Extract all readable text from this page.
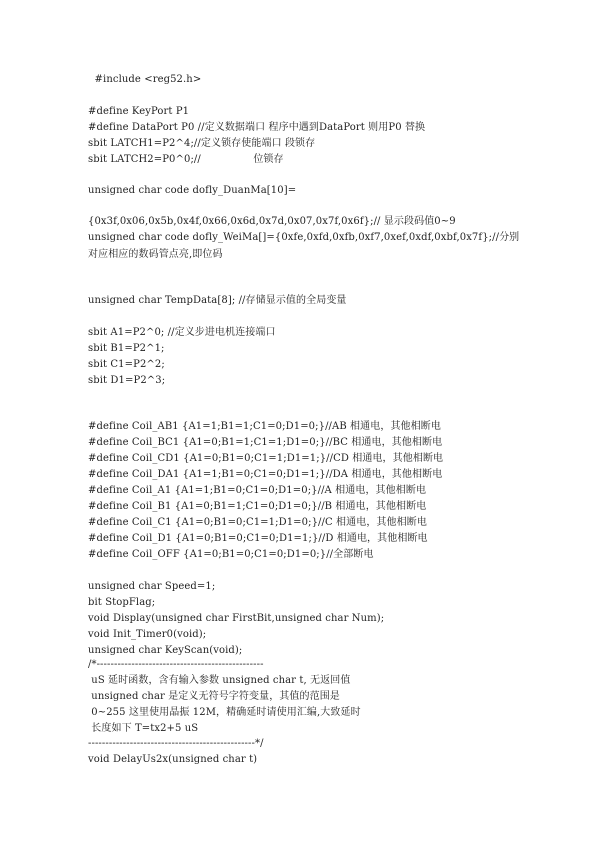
#include <reg52.h>
#define KeyPort P1
#define DataPort P0 //定义数据端口 程序中遇到DataPort 则用P0 替换
sbit LATCH1=P2^4;//定义锁存使能端口 段锁存
sbit LATCH2=P0^0;//                位锁存
unsigned char code dofly_DuanMa[10]=
{0x3f,0x06,0x5b,0x4f,0x66,0x6d,0x7d,0x07,0x7f,0x6f};// 显示段码值0~9
unsigned char code dofly_WeiMa[]={0xfe,0xfd,0xfb,0xf7,0xef,0xdf,0xbf,0x7f};//分别
对应相应的数码管点亮,即位码
unsigned char TempData[8]; //存储显示值的全局变量
sbit A1=P2^0; //定义步进电机连接端口
sbit B1=P2^1;
sbit C1=P2^2;
sbit D1=P2^3;
#define Coil_AB1 {A1=1;B1=1;C1=0;D1=0;}//AB 相通电，其他相断电
#define Coil_BC1 {A1=0;B1=1;C1=1;D1=0;}//BC 相通电，其他相断电
#define Coil_CD1 {A1=0;B1=0;C1=1;D1=1;}//CD 相通电，其他相断电
#define Coil_DA1 {A1=1;B1=0;C1=0;D1=1;}//DA 相通电，其他相断电
#define Coil_A1 {A1=1;B1=0;C1=0;D1=0;}//A 相通电，其他相断电
#define Coil_B1 {A1=0;B1=1;C1=0;D1=0;}//B 相通电，其他相断电
#define Coil_C1 {A1=0;B1=0;C1=1;D1=0;}//C 相通电，其他相断电
#define Coil_D1 {A1=0;B1=0;C1=0;D1=1;}//D 相通电，其他相断电
#define Coil_OFF {A1=0;B1=0;C1=0;D1=0;}//全部断电
unsigned char Speed=1;
bit StopFlag;
void Display(unsigned char FirstBit,unsigned char Num);
void Init_Timer0(void);
unsigned char KeyScan(void);
/*------------------------------------------------
uS 延时函数，含有输入参数 unsigned char t, 无返回值
unsigned char 是定义无符号字符变量，其值的范围是
0~255 这里使用晶振 12M，精确延时请使用汇编,大致延时
长度如下 T=tx2+5 uS
------------------------------------------------*/
void DelayUs2x(unsigned char t)
